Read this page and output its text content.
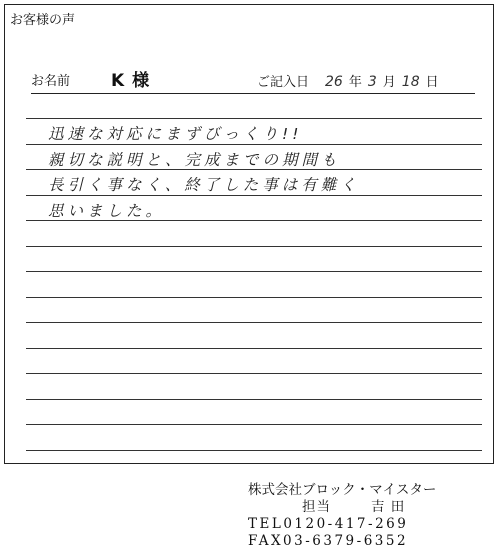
お客様の声
お名前 K 様	ご記入日 26 年 3 月 18 日
迅速な対応にまずびっくり!!
親切な説明と、完成までの期間も
長引く事なく、終了した事は有難く
思いました。
株式会社ブロック・マイスター
担当	吉 田
TEL0120-417-269
FAX03-6379-6352
